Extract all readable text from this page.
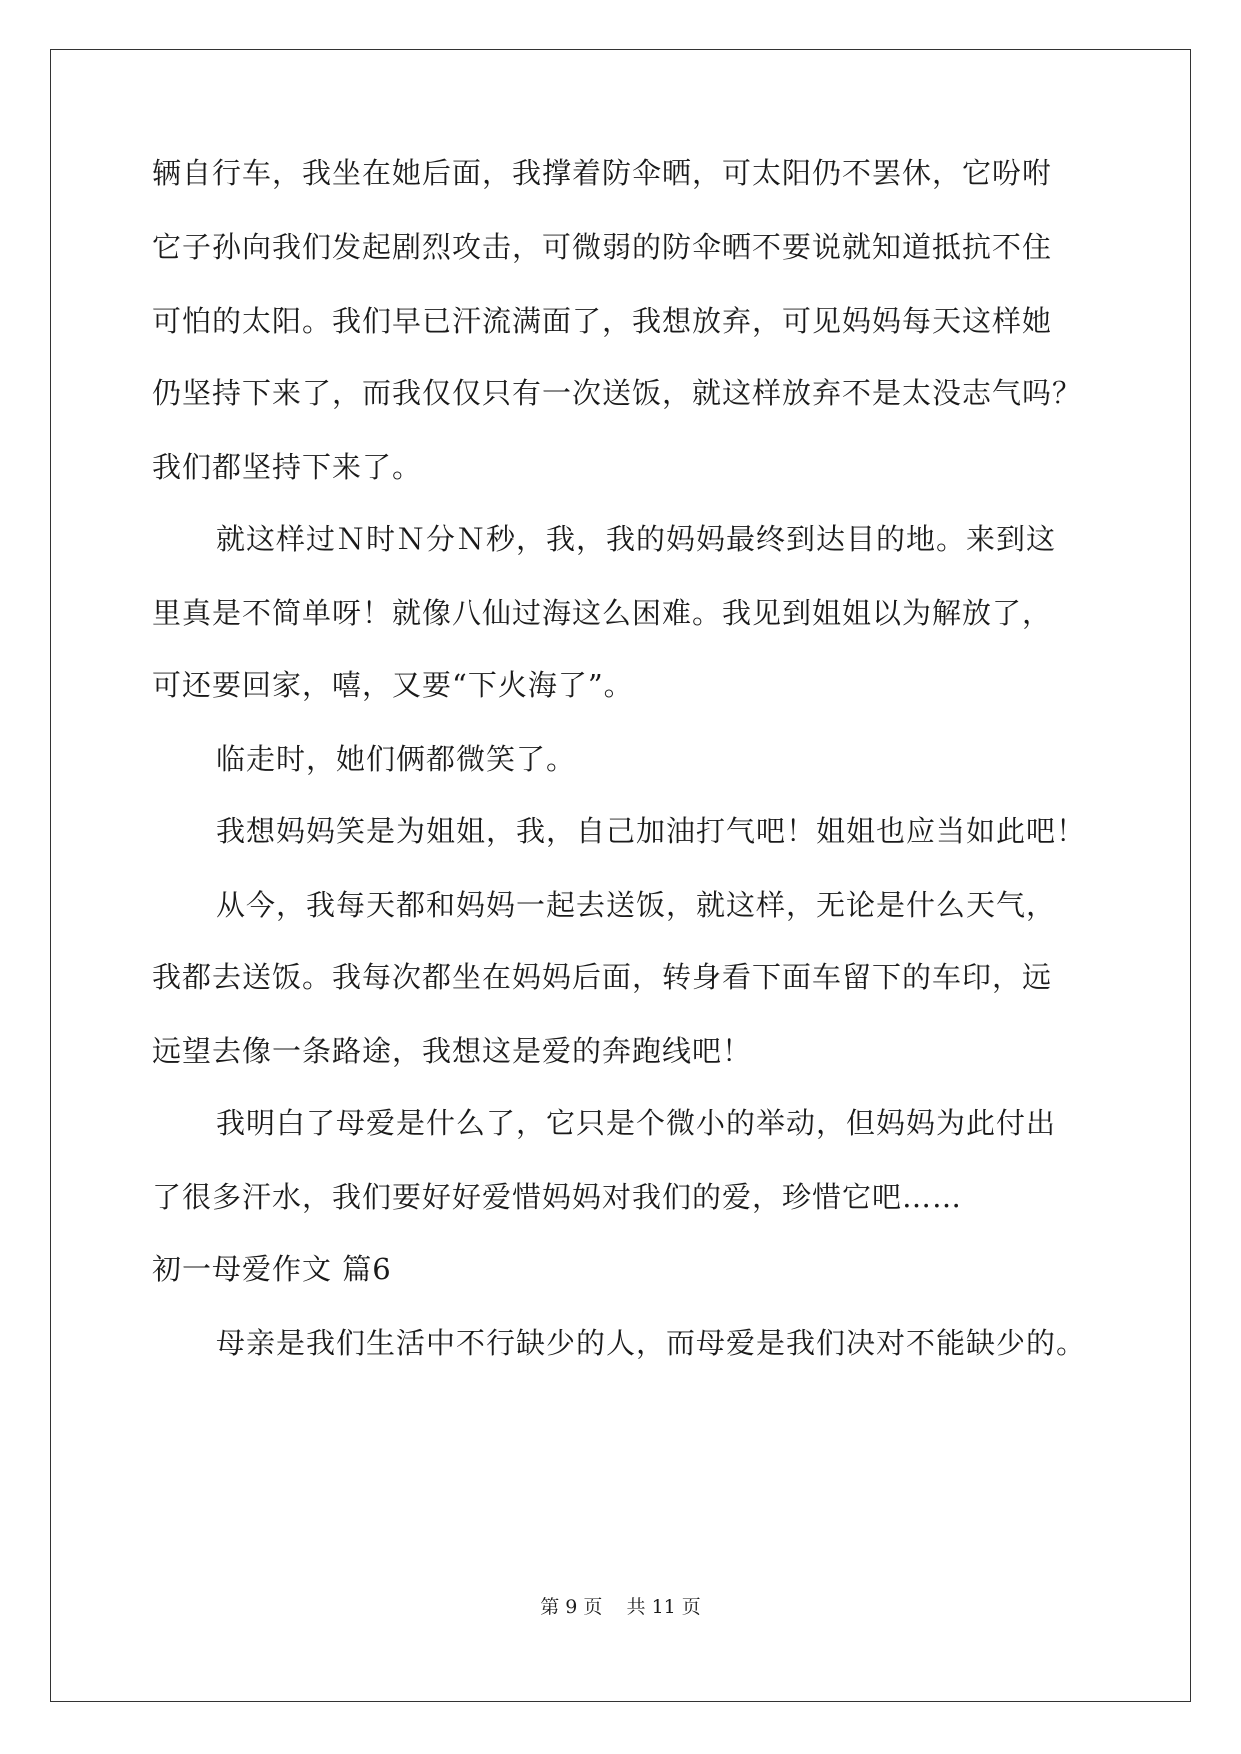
辆自行车，我坐在她后面，我撑着防伞晒，可太阳仍不罢休，它吩咐
它子孙向我们发起剧烈攻击，可微弱的防伞晒不要说就知道抵抗不住
可怕的太阳。我们早已汗流满面了，我想放弃，可见妈妈每天这样她
仍坚持下来了，而我仅仅只有一次送饭，就这样放弃不是太没志气吗？
我们都坚持下来了。
就这样过Ｎ时Ｎ分Ｎ秒，我，我的妈妈最终到达目的地。来到这
里真是不简单呀！就像八仙过海这么困难。我见到姐姐以为解放了，
可还要回家，嘻，又要“下火海了”。
临走时，她们俩都微笑了。
我想妈妈笑是为姐姐，我，自己加油打气吧！姐姐也应当如此吧！
从今，我每天都和妈妈一起去送饭，就这样，无论是什么天气，
我都去送饭。我每次都坐在妈妈后面，转身看下面车留下的车印，远
远望去像一条路途，我想这是爱的奔跑线吧！
我明白了母爱是什么了，它只是个微小的举动，但妈妈为此付出
了很多汗水，我们要好好爱惜妈妈对我们的爱，珍惜它吧……
初一母爱作文 篇6
母亲是我们生活中不行缺少的人，而母爱是我们决对不能缺少的。
第 9 页    共 11 页
